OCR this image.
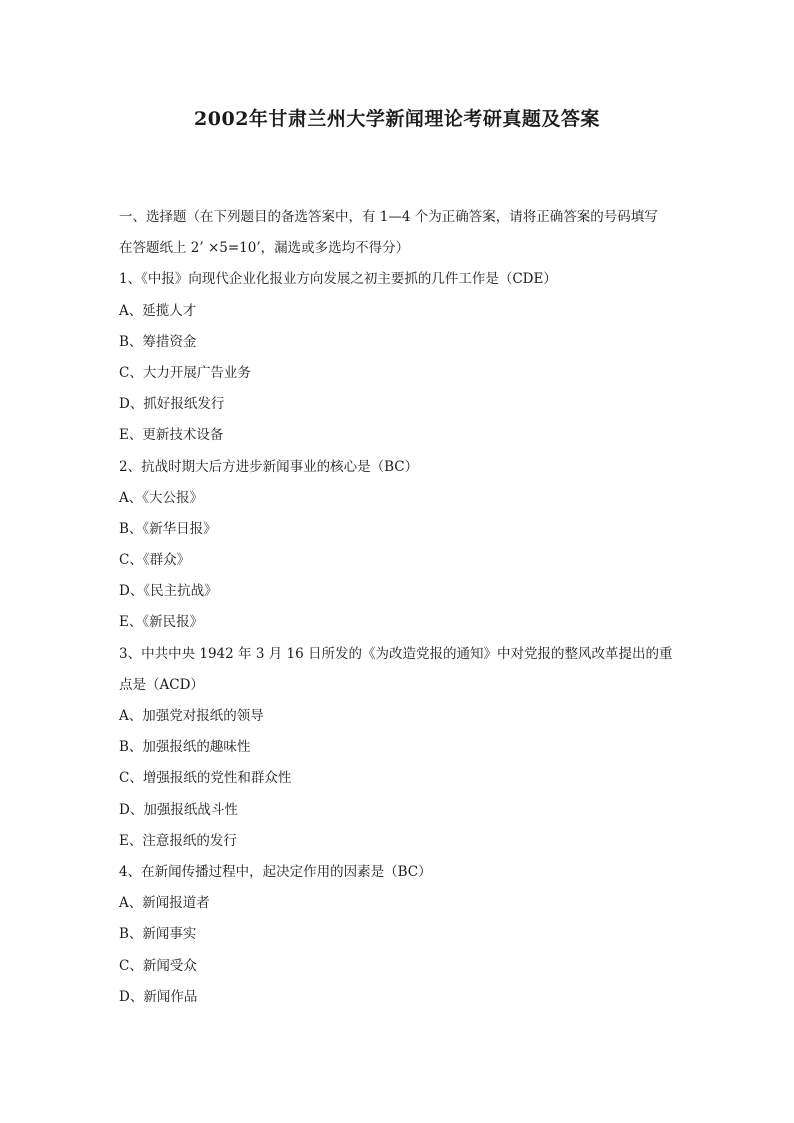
2002年甘肃兰州大学新闻理论考研真题及答案
一、选择题（在下列题目的备选答案中，有 1—4 个为正确答案，请将正确答案的号码填写
在答题纸上 2’ ×5=10’，漏选或多选均不得分）
1、《中报》向现代企业化报业方向发展之初主要抓的几件工作是（CDE）
A、延揽人才
B、筹措资金
C、大力开展广告业务
D、抓好报纸发行
E、更新技术设备
2、抗战时期大后方进步新闻事业的核心是（BC）
A、《大公报》
B、《新华日报》
C、《群众》
D、《民主抗战》
E、《新民报》
3、中共中央 1942 年 3 月 16 日所发的《为改造党报的通知》中对党报的整风改革提出的重
点是（ACD）
A、加强党对报纸的领导
B、加强报纸的趣味性
C、增强报纸的党性和群众性
D、加强报纸战斗性
E、注意报纸的发行
4、在新闻传播过程中，起决定作用的因素是（BC）
A、新闻报道者
B、新闻事实
C、新闻受众
D、新闻作品
